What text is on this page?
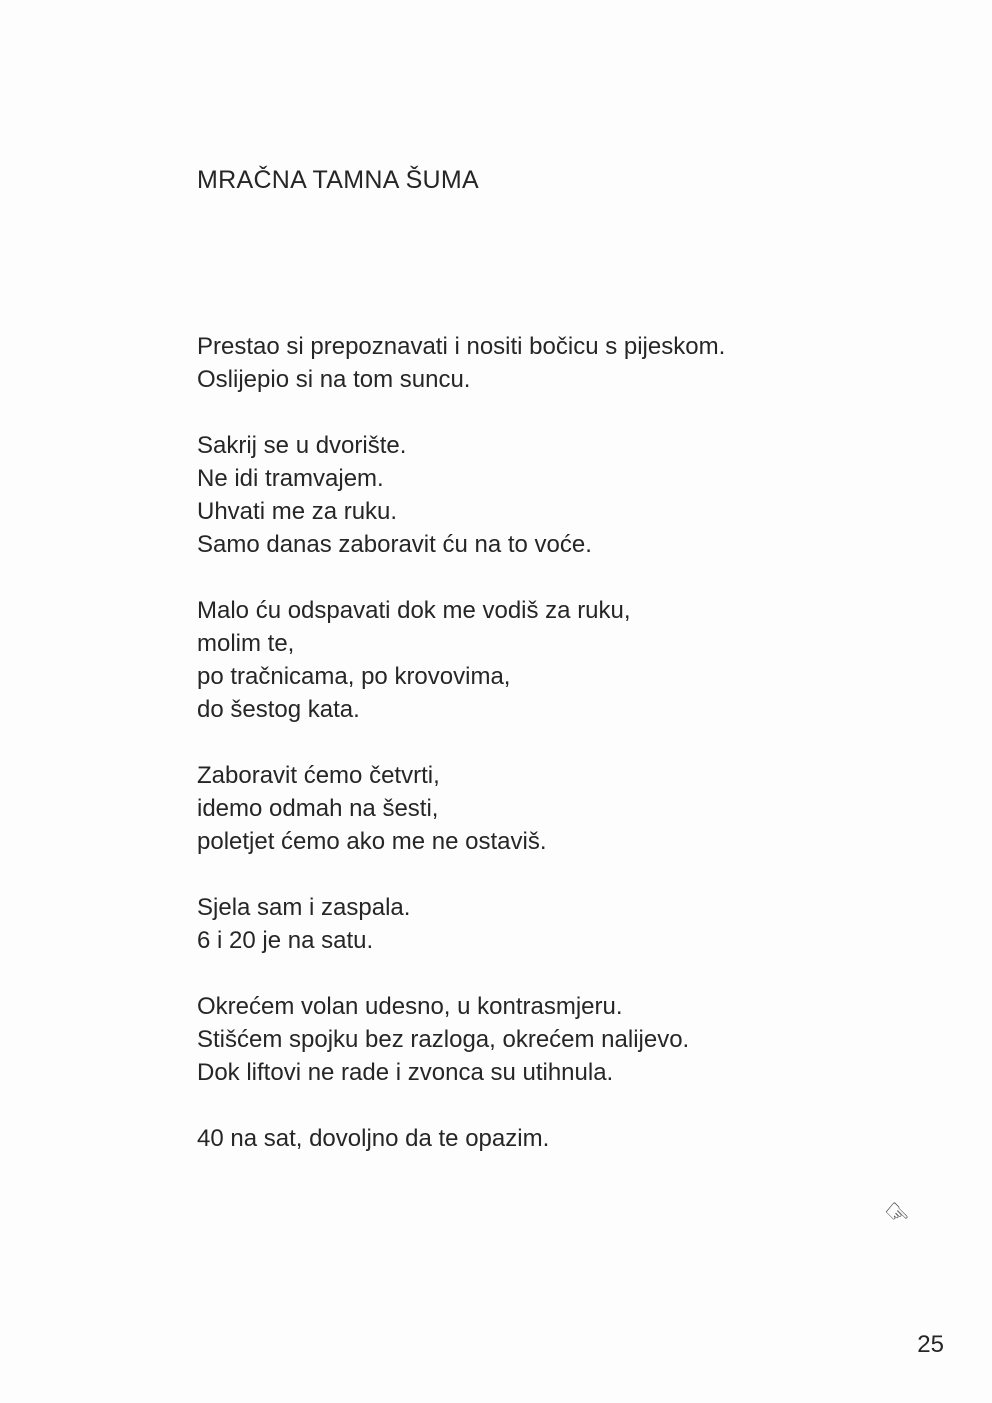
MRAČNA TAMNA ŠUMA

Prestao si prepoznavati i nositi bočicu s pijeskom.
Oslijepio si na tom suncu.

Sakrij se u dvorište.
Ne idi tramvajem.
Uhvati me za ruku.
Samo danas zaboravit ću na to voće.

Malo ću odspavati dok me vodiš za ruku,
molim te,
po tračnicama, po krovovima,
do šestog kata.

Zaboravit ćemo četvrti,
idemo odmah na šesti,
poletjet ćemo ako me ne ostaviš.

Sjela sam i zaspala.
6 i 20 je na satu.

Okrećem volan udesno, u kontrasmjeru.
Stišćem spojku bez razloga, okrećem nalijevo.
Dok liftovi ne rade i zvonca su utihnula.

40 na sat, dovoljno da te opazim.

☞
25
